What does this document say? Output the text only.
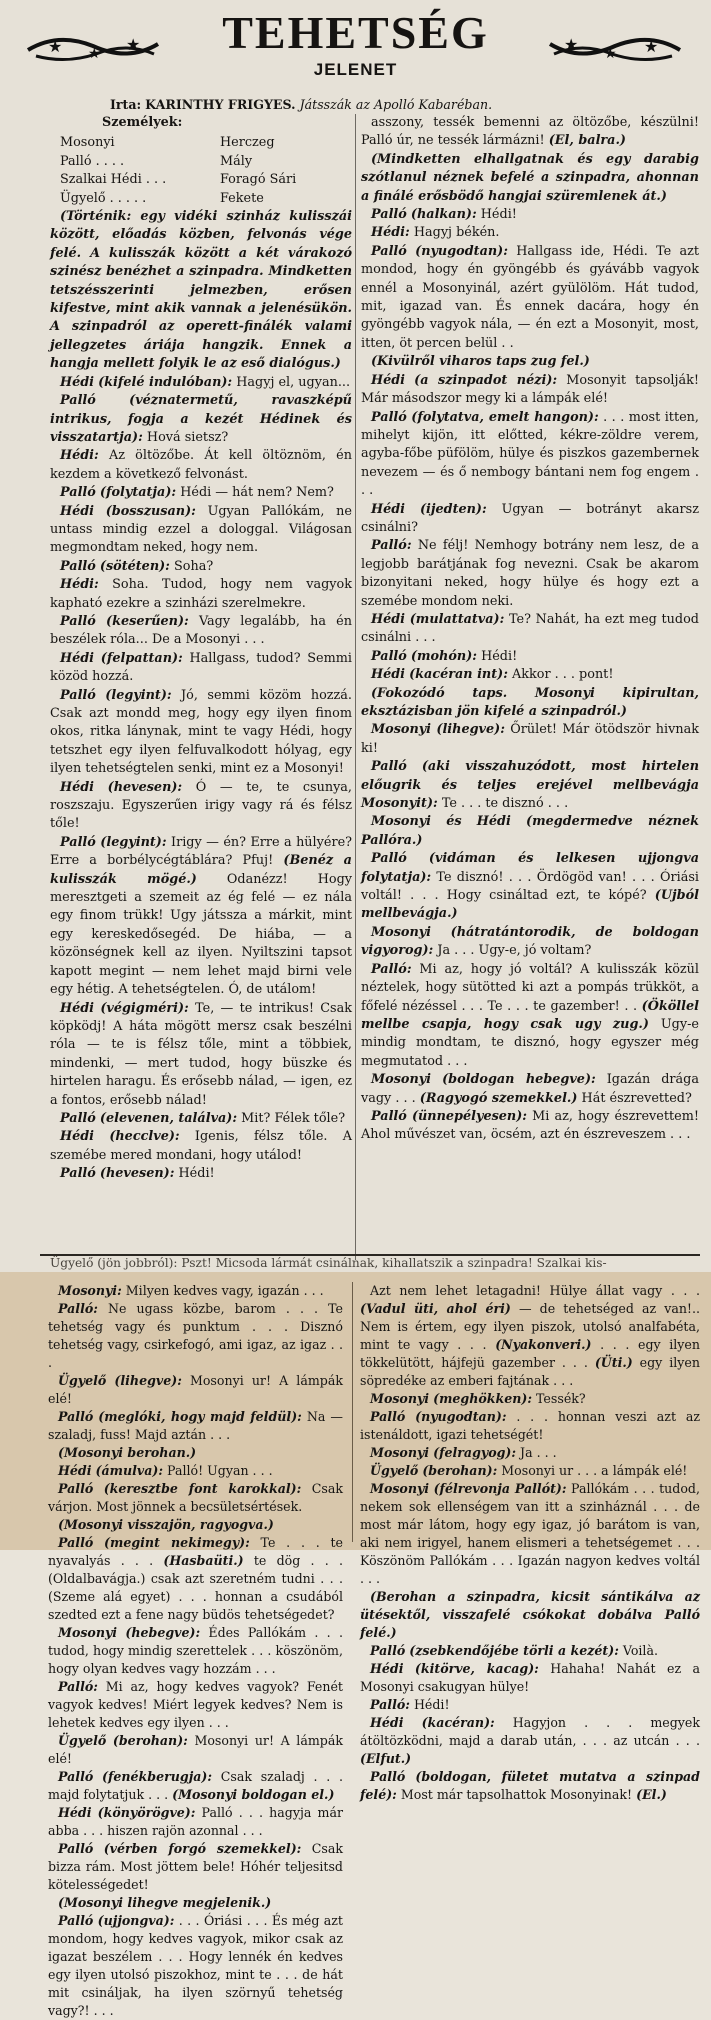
★ ★ ★	★ ★ ★
TEHETSÉG
JELENET
Irta: KARINTHY FRIGYES. Játsszák az Apolló Kabaréban.
Személyek:
Mosonyi	Herczeg
Palló . . . .	Mály
Szalkai Hédi . . .	Foragó Sári
Ügyelő . . . . .	Fekete

(Történik: egy vidéki szinház kulisszái között, előadás közben, felvonás vége felé. A kulisszák között a két várakozó szinész benézhet a szinpadra. Mindketten tetszésszerinti jelmezben, erősen kifestve, mint akik vannak a jelenésükön. A szinpadról az operett-finálék valami jellegzetes áriája hangzik. Ennek a hangja mellett folyik le az eső dialógus.)

Hédi (kifelé indulóban): Hagyj el, ugyan...

Palló	(véznatermetű, ravaszképű intrikus, fogja a kezét Hédinek és visszatartja): Hová sietsz?

Hédi: Az öltözőbe. Át kell öltöznöm, én kezdem a következő felvonást.

Palló (folytatja): Hédi — hát nem? Nem?

Hédi (bosszusan): Ugyan Pallókám, ne untass mindig ezzel a dologgal. Világosan megmondtam neked, hogy nem.

Palló (sötéten): Soha?

Hédi: Soha. Tudod, hogy nem vagyok kapható ezekre a szinházi szerelmekre.

Palló (keserűen): Vagy legalább, ha én beszélek róla... De a Mosonyi . . .

Hédi (felpattan): Hallgass, tudod? Semmi közöd hozzá.

Palló (legyint): Jó, semmi közöm hozzá. Csak azt mondd meg, hogy egy ilyen finom okos, ritka lánynak, mint te vagy Hédi, hogy tetszhet egy ilyen felfuvalkodott hólyag, egy ilyen tehetségtelen senki, mint ez a Mosonyi!

Hédi (hevesen): Ó — te, te csunya, roszszaju. Egyszerűen irigy vagy rá és félsz tőle!

Palló (legyint): Irigy — én? Erre a hülyére? Erre a borbélycégtáblára? Pfuj! (Benéz a kulisszák mögé.) Odanézz! Hogy meresztgeti a szemeit az ég felé — ez nála egy finom trükk! Ugy játssza a márkit, mint egy kereskedősegéd. De hiába, — a közönségnek kell az ilyen. Nyiltszini tapsot kapott megint — nem lehet majd birni vele egy hétig. A tehetségtelen. Ó, de utálom!

Hédi (végigméri): Te, — te intrikus! Csak köpködj! A háta mögött mersz csak beszélni róla — te is félsz tőle, mint a többiek, mindenki, — mert tudod, hogy büszke és hirtelen haragu. És erősebb nálad, — igen, ez a fontos, erősebb nálad!

Palló (elevenen, találva): Mit? Félek tőle?

Hédi (hecclve): Igenis, félsz tőle. A szemébe mered mondani, hogy utálod!

Palló (hevesen): Hédi!

asszony, tessék bemenni az öltözőbe, készülni! Palló úr, ne tessék lármázni! (El, balra.)

(Mindketten elhallgatnak és egy darabig szótlanul néznek befelé a szinpadra, ahonnan a finálé erősbödő hangjai szüremlenek át.)

Palló (halkan): Hédi!

Hédi: Hagyj békén.

Palló (nyugodtan): Hallgass ide, Hédi. Te azt mondod, hogy én gyöngébb és gyávább vagyok ennél a Mosonyinál, azért gyülölöm. Hát tudod, mit, igazad van. És ennek dacára, hogy én gyöngébb vagyok nála, — én ezt a Mosonyit, most, itten, öt percen belül . .

(Kivülről viharos taps zug fel.)

Hédi (a szinpadot nézi): Mosonyit tapsolják! Már másodszor megy ki a lámpák elé!

Palló (folytatva, emelt hangon): . . . most itten, mihelyt kijön, itt előtted, kékre-zöldre verem, agyba-főbe püfölöm, hülye és piszkos gazembernek nevezem — és ő nembogy bántani nem fog engem . . .

Hédi (ijedten): Ugyan — botrányt akarsz csinálni?

Palló: Ne félj! Nemhogy botrány nem lesz, de a legjobb barátjának fog nevezni. Csak be akarom bizonyitani neked, hogy hülye és hogy ezt a szemébe mondom neki.

Hédi (mulattatva): Te? Nahát, ha ezt meg tudod csinálni . . .

Palló (mohón): Hédi!

Hédi (kacéran int): Akkor . . . pont!

(Fokozódó taps. Mosonyi kipirultan, eksztázisban jön kifelé a szinpadról.)

Mosonyi (lihegve): Őrület! Már ötödször hivnak ki!

Palló (aki visszahuzódott, most hirtelen előugrik és teljes erejével mellbevágja Mosonyit): Te . . . te disznó . . .

Mosonyi és Hédi (megdermedve néznek Pallóra.)

Palló (vidáman és lelkesen ujjongva folytatja): Te disznó! . . . Ördögöd van! . . . Óriási voltál! . . . Hogy csináltad ezt, te kópé? (Ujból mellbevágja.)

Mosonyi (hátratántorodik, de boldogan vigyorog): Ja . . . Ugy-e, jó voltam?

Palló: Mi az, hogy jó voltál? A kulisszák közül néztelek, hogy sütötted ki azt a pompás trükköt, a főfelé nézéssel . . . Te . . . te gazember! . . (Ököllel mellbe csapja, hogy csak ugy zug.) Ugy-e mindig mondtam, te disznó, hogy egyszer még megmutatod . . .

Mosonyi (boldogan hebegve): Igazán drága vagy . . . (Ragyogó szemekkel.) Hát észrevetted?

Palló (ünnepélyesen): Mi az, hogy észrevettem! Ahol művészet van, öcsém, azt én észreveszem . . .

Ügyelő (jön jobbról): Pszt! Micsoda lármát csinálnak, kihallatszik a szinpadra! Szalkai kis-

Mosonyi: Milyen kedves vagy, igazán . . .

Palló: Ne ugass közbe, barom . . . Te tehetség vagy és punktum . . . Disznó tehetség vagy, csirkefogó, ami igaz, az igaz . . .

Ügyelő (lihegve): Mosonyi ur! A lámpák elé!

Palló (meglóki, hogy majd feldül): Na — szaladj, fuss! Majd aztán . . .

(Mosonyi berohan.)

Hédi (ámulva): Palló! Ugyan . . .

Palló (keresztbe font karokkal): Csak várjon. Most jönnek a becsületsértések.

(Mosonyi visszajön, ragyogva.)

Palló (megint nekimegy): Te . . . te nyavalyás . . . (Hasbaüti.) te dög . . . (Oldalbavágja.) csak azt szeretném tudni . . . (Szeme alá egyet) . . . honnan a csudából szedted ezt a fene nagy büdös tehetségedet?

Mosonyi (hebegve): Édes Pallókám . . . tudod, hogy mindig szerettelek . . . köszönöm, hogy olyan kedves vagy hozzám . . .

Palló: Mi az, hogy kedves vagyok? Fenét vagyok kedves! Miért legyek kedves? Nem is lehetek kedves egy ilyen . . .

Ügyelő (berohan): Mosonyi ur! A lámpák elé!

Palló (fenékberugja): Csak szaladj . . . majd folytatjuk . . . (Mosonyi boldogan el.)

Hédi (könyörögve): Palló . . . hagyja már abba . . . hiszen rajön azonnal . . .

Palló (vérben forgó szemekkel): Csak bizza rám. Most jöttem bele! Hóhér teljesitsd kötelességedet!

(Mosonyi lihegve megjelenik.)

Palló (ujjongva): . . . Óriási . . . És még azt mondom, hogy kedves vagyok, mikor csak az igazat beszélem . . . Hogy lennék én kedves egy ilyen utolsó piszokhoz, mint te . . . de hát mit csináljak, ha ilyen szörnyű tehetség vagy?! . . .

Azt nem lehet letagadni! Hülye állat vagy . . . (Vadul üti, ahol éri) — de tehetséged az van!.. Nem is értem, egy ilyen piszok, utolsó analfabéta, mint te vagy . . . (Nyakonveri.) . . . egy ilyen tökkelütött, hájfejü gazember . . . (Üti.) egy ilyen söpredéke az emberi fajtának . . .

Mosonyi (meghökken): Tessék?

Palló (nyugodtan): . . . honnan veszi azt az istenáldott, igazi tehetségét!

Mosonyi (felragyog): Ja . . .

Ügyelő (berohan): Mosonyi ur . . . a lámpák elé!

Mosonyi (félrevonja Pallót): Pallókám . . . tudod, nekem sok ellenségem van itt a szinháznál . . . de most már látom, hogy egy igaz, jó barátom is van, aki nem irigyel, hanem elismeri a tehetségemet . . . Köszönöm Pallókám . . . Igazán nagyon kedves voltál . . .

(Berohan a szinpadra, kicsit sántikálva az ütésektől, visszafelé csókokat dobálva Palló felé.)

Palló (zsebkendőjébe törli a kezét): Voilà.

Hédi (kitörve, kacag): Hahaha! Nahát ez a Mosonyi csakugyan hülye!

Palló: Hédi!

Hédi (kacéran): Hagyjon . . . megyek átöltözködni, majd a darab után, . . . az utcán . . . (Elfut.)

Palló (boldogan, fületet mutatva a szinpad felé): Most már tapsolhattok Mosonyinak! (El.)
